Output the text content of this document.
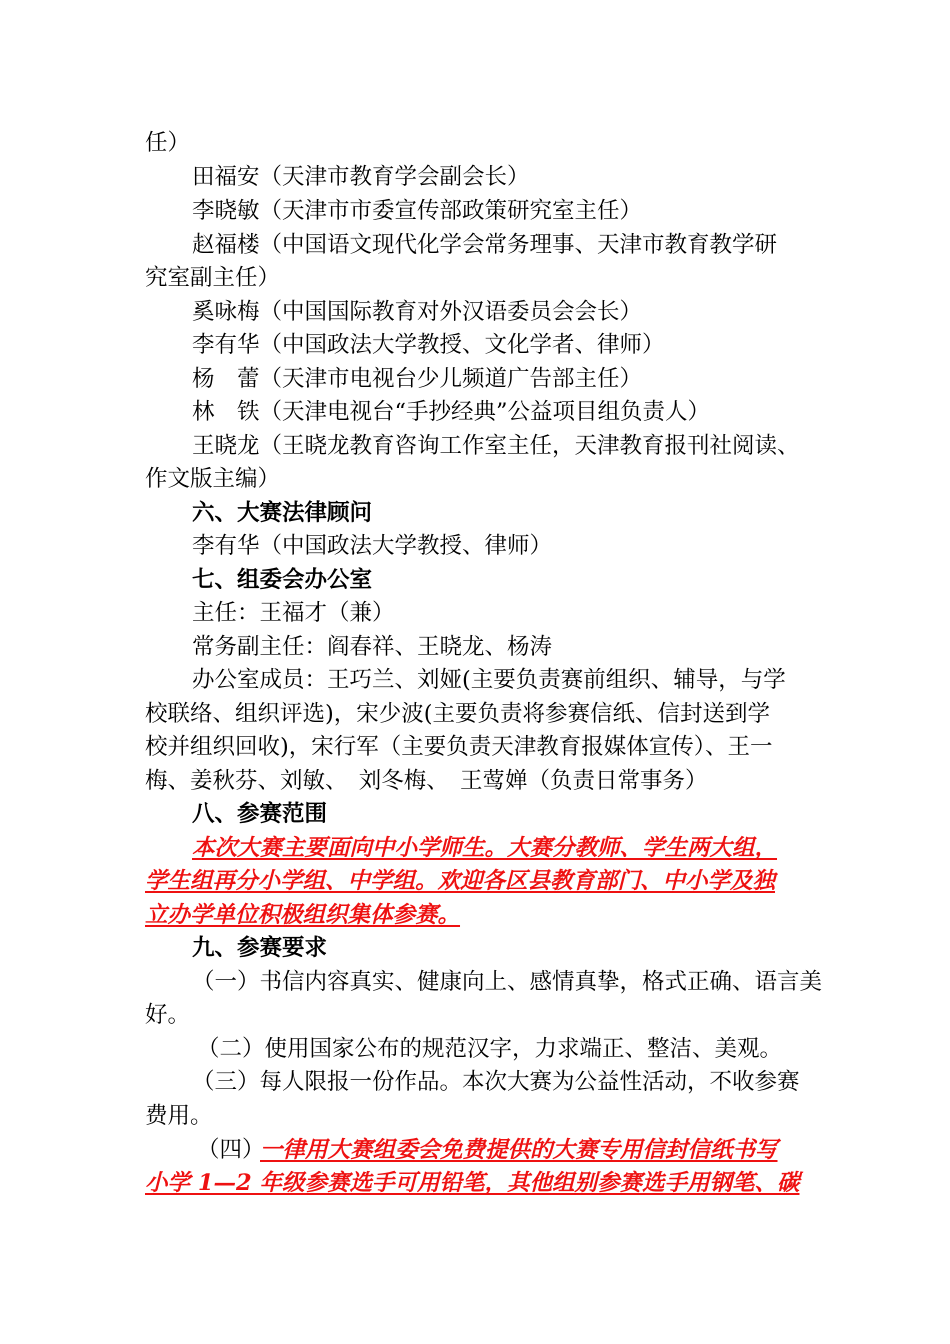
任）
田福安（天津市教育学会副会长）
李晓敏（天津市市委宣传部政策研究室主任）
赵福楼（中国语文现代化学会常务理事、天津市教育教学研
究室副主任）
奚咏梅（中国国际教育对外汉语委员会会长）
李有华（中国政法大学教授、文化学者、律师）
杨　蕾（天津市电视台少儿频道广告部主任）
林　铁（天津电视台“手抄经典”公益项目组负责人）
王晓龙（王晓龙教育咨询工作室主任，天津教育报刊社阅读、
作文版主编）
六、大赛法律顾问
李有华（中国政法大学教授、律师）
七、组委会办公室
主任：王福才（兼）
常务副主任：阎春祥、王晓龙、杨涛
办公室成员：王巧兰、刘娅(主要负责赛前组织、辅导，与学
校联络、组织评选)，宋少波(主要负责将参赛信纸、信封送到学
校并组织回收)，宋行军（主要负责天津教育报媒体宣传）、王一
梅、姜秋芬、刘敏、　刘冬梅、　王莺婵（负责日常事务）
八、参赛范围
本次大赛主要面向中小学师生。大赛分教师、学生两大组，
学生组再分小学组、中学组。欢迎各区县教育部门、中小学及独
立办学单位积极组织集体参赛。
九、参赛要求
（一）书信内容真实、健康向上、感情真挚，格式正确、语言美
好。
（二）使用国家公布的规范汉字，力求端正、整洁、美观。
（三）每人限报一份作品。本次大赛为公益性活动，不收参赛
费用。
（四）
一律用大赛组委会免费提供的大赛专用信封信纸书写
小学 1—2 年级参赛选手可用铅笔，其他组别参赛选手用钢笔、碳
